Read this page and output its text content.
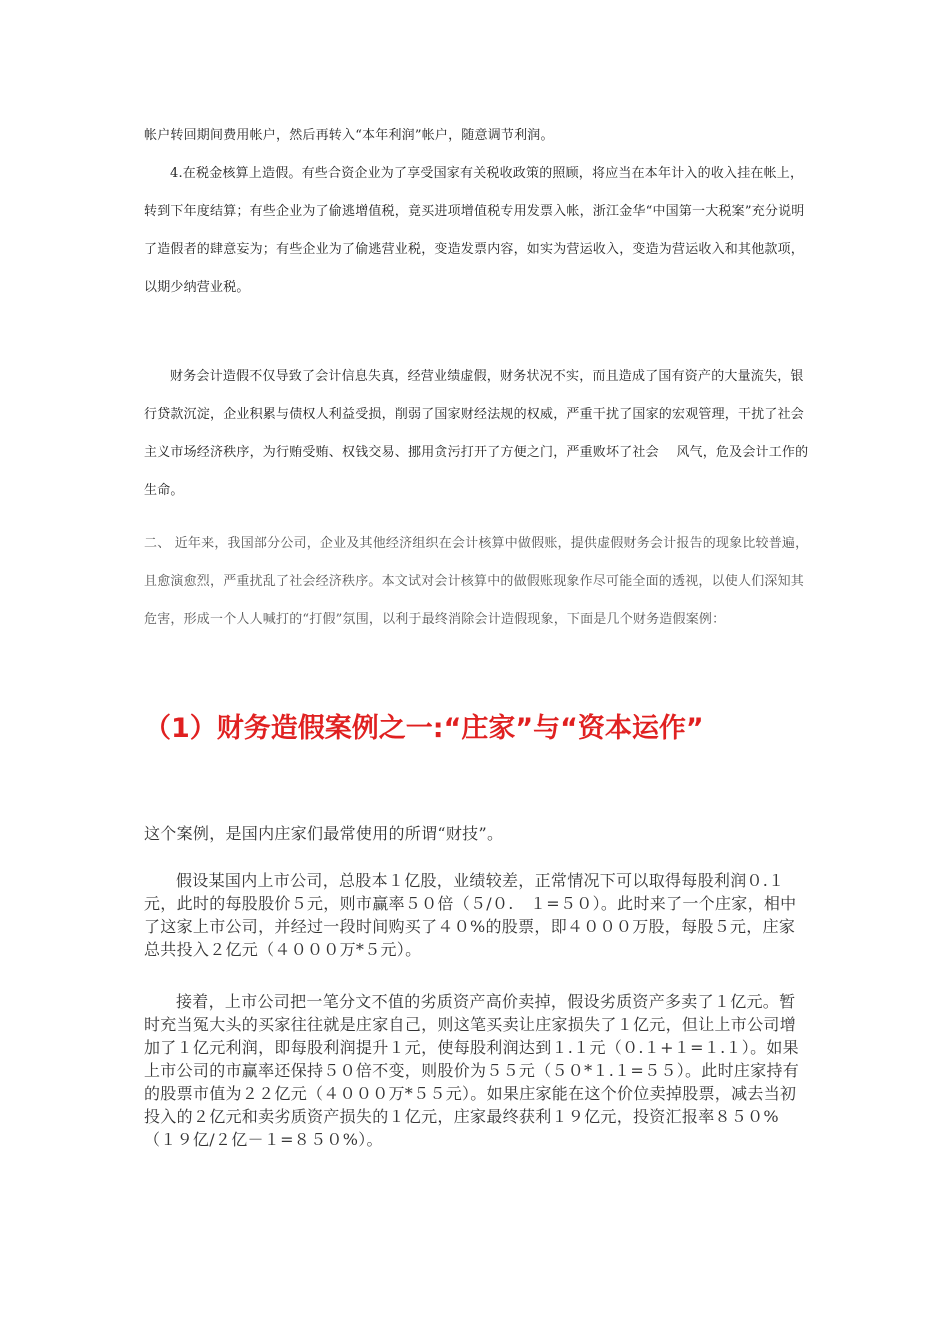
帐户转回期间费用帐户，然后再转入“本年利润”帐户，随意调节利润。

4.在税金核算上造假。有些合资企业为了享受国家有关税收政策的照顾，将应当在本年计入的收入挂在帐上，转到下年度结算；有些企业为了偷逃增值税，竟买进项增值税专用发票入帐，浙江金华“中国第一大税案”充分说明了造假者的肆意妄为；有些企业为了偷逃营业税，变造发票内容，如实为营运收入，变造为营运收入和其他款项，以期少纳营业税。

财务会计造假不仅导致了会计信息失真，经营业绩虚假，财务状况不实，而且造成了国有资产的大量流失，银行贷款沉淀，企业积累与债权人利益受损，削弱了国家财经法规的权威，严重干扰了国家的宏观管理，干扰了社会主义市场经济秩序，为行贿受贿、权钱交易、挪用贪污打开了方便之门，严重败坏了社会　 风气，危及会计工作的生命。

二、 近年来，我国部分公司，企业及其他经济组织在会计核算中做假账，提供虚假财务会计报告的现象比较普遍，且愈演愈烈，严重扰乱了社会经济秩序。本文试对会计核算中的做假账现象作尽可能全面的透视，以使人们深知其危害，形成一个人人喊打的“打假”氛围，以利于最终消除会计造假现象，下面是几个财务造假案例：

（1）财务造假案例之一:“庄家”与“资本运作”

这个案例，是国内庄家们最常使用的所谓“财技”。

假设某国内上市公司，总股本１亿股，业绩较差，正常情况下可以取得每股利润０.１元，此时的每股股价５元，则市赢率５０倍（５/０.　１=５０）。此时来了一个庄家，相中了这家上市公司，并经过一段时间购买了４０%的股票，即４０００万股，每股５元，庄家总共投入２亿元（４０００万*５元）。

接着，上市公司把一笔分文不值的劣质资产高价卖掉，假设劣质资产多卖了１亿元。暂时充当冤大头的买家往往就是庄家自己，则这笔买卖让庄家损失了１亿元，但让上市公司增加了１亿元利润，即每股利润提升１元，使每股利润达到１.１元（０.１+１=１.１）。如果上市公司的市赢率还保持５０倍不变，则股价为５５元（５０*１.１=５５）。此时庄家持有的股票市值为２２亿元（４０００万*５５元）。如果庄家能在这个价位卖掉股票，减去当初投入的２亿元和卖劣质资产损失的１亿元，庄家最终获利１９亿元，投资汇报率８５０%（１９亿/２亿－１=８５０%）。
